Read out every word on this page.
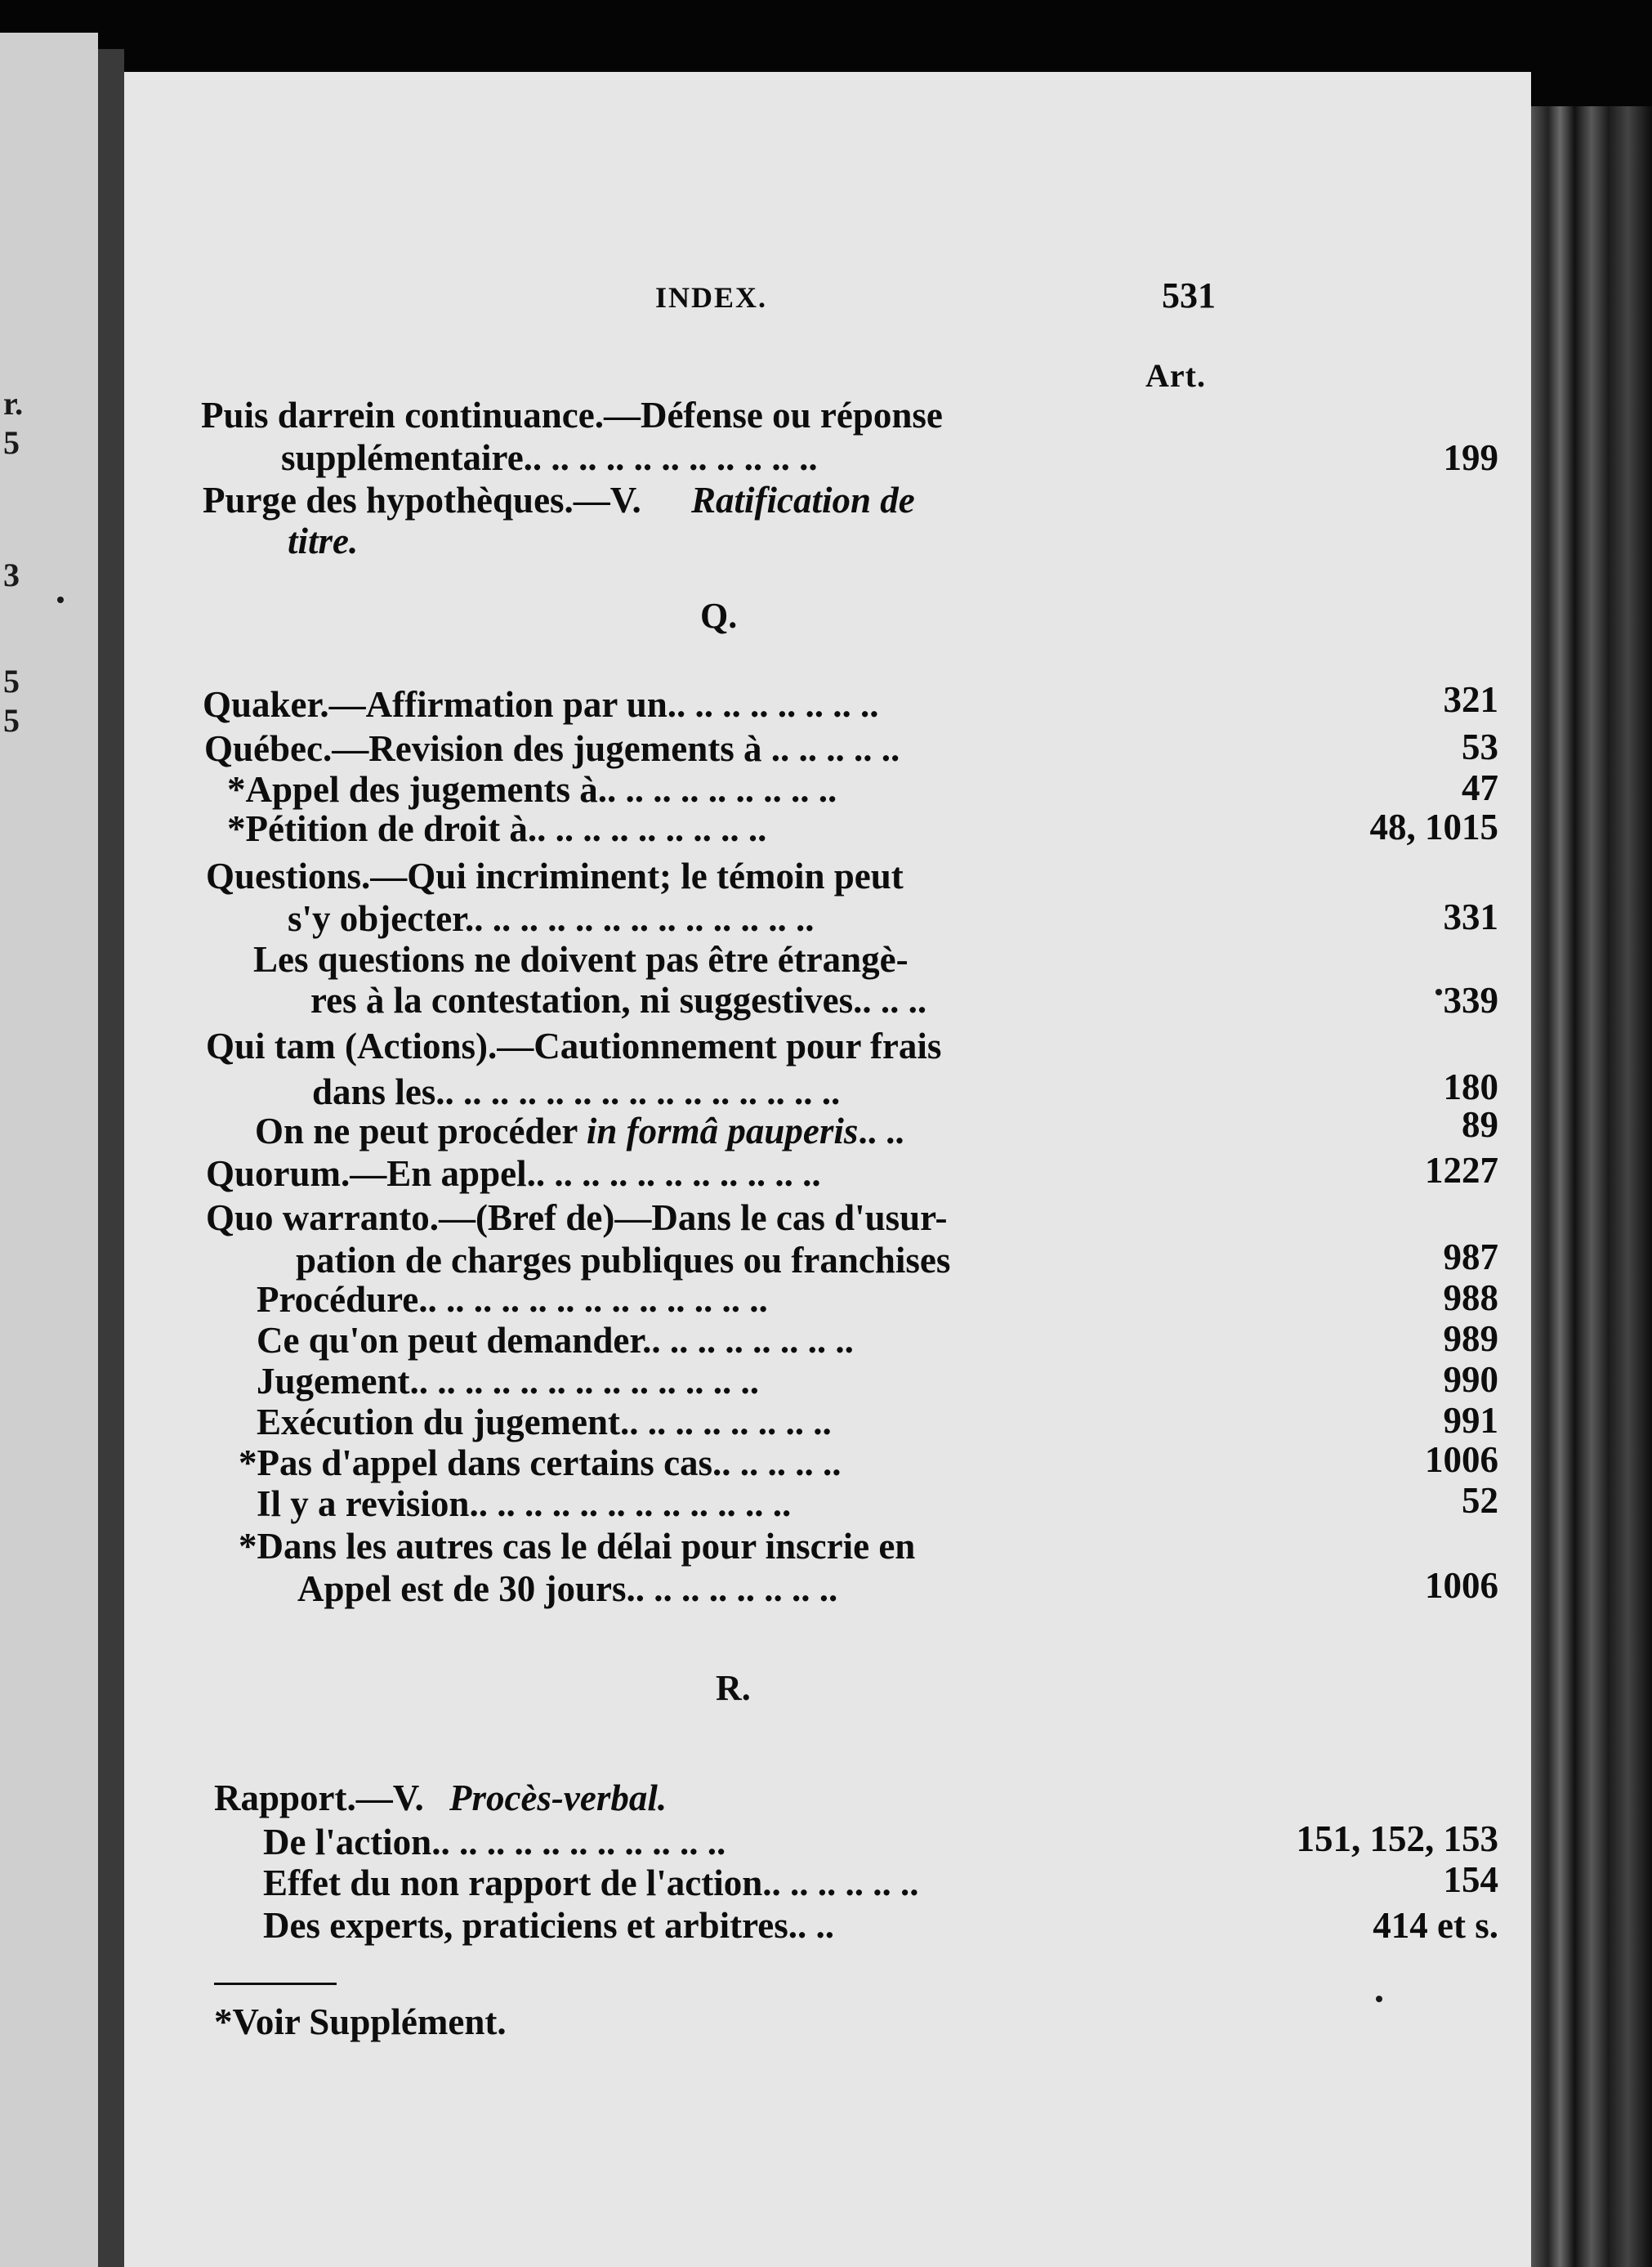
r.
5
3
5
5
INDEX.	531
Art.
Puis darrein continuance.—Défense ou réponse
supplémentaire.. .. .. .. .. .. .. .. .. .. ..	199
Purge des hypothèques.—V. Ratification de
titre.
Q.
Quaker.—Affirmation par un.. .. .. .. .. .. .. ..	321
Québec.—Revision des jugements à .. .. .. .. ..	53
*Appel des jugements à.. .. .. .. .. .. .. .. ..	47
*Pétition de droit à.. .. .. .. .. .. .. .. ..	48, 1015
Questions.—Qui incriminent; le témoin peut
s'y objecter.. .. .. .. .. .. .. .. .. .. .. .. ..	331
Les questions ne doivent pas être étrangè-
res à la contestation, ni suggestives.. .. ..	339
Qui tam (Actions).—Cautionnement pour frais
dans les.. .. .. .. .. .. .. .. .. .. .. .. .. .. ..	180
On ne peut procéder in formâ pauperis.. ..	89
Quorum.—En appel.. .. .. .. .. .. .. .. .. .. ..	1227
Quo warranto.—(Bref de)—Dans le cas d'usur-
pation de charges publiques ou franchises	987
Procédure.. .. .. .. .. .. .. .. .. .. .. .. ..	988
Ce qu'on peut demander.. .. .. .. .. .. .. ..	989
Jugement.. .. .. .. .. .. .. .. .. .. .. .. ..	990
Exécution du jugement.. .. .. .. .. .. .. ..	991
*Pas d'appel dans certains cas.. .. .. .. ..	1006
Il y a revision.. .. .. .. .. .. .. .. .. .. .. ..	52
*Dans les autres cas le délai pour inscrie en
Appel est de 30 jours.. .. .. .. .. .. .. ..	1006
R.
Rapport.—V. Procès-verbal.
De l'action.. .. .. .. .. .. .. .. .. .. ..	151, 152, 153
Effet du non rapport de l'action.. .. .. .. .. ..	154
Des experts, praticiens et arbitres.. ..	414 et s.
*Voir Supplément.
